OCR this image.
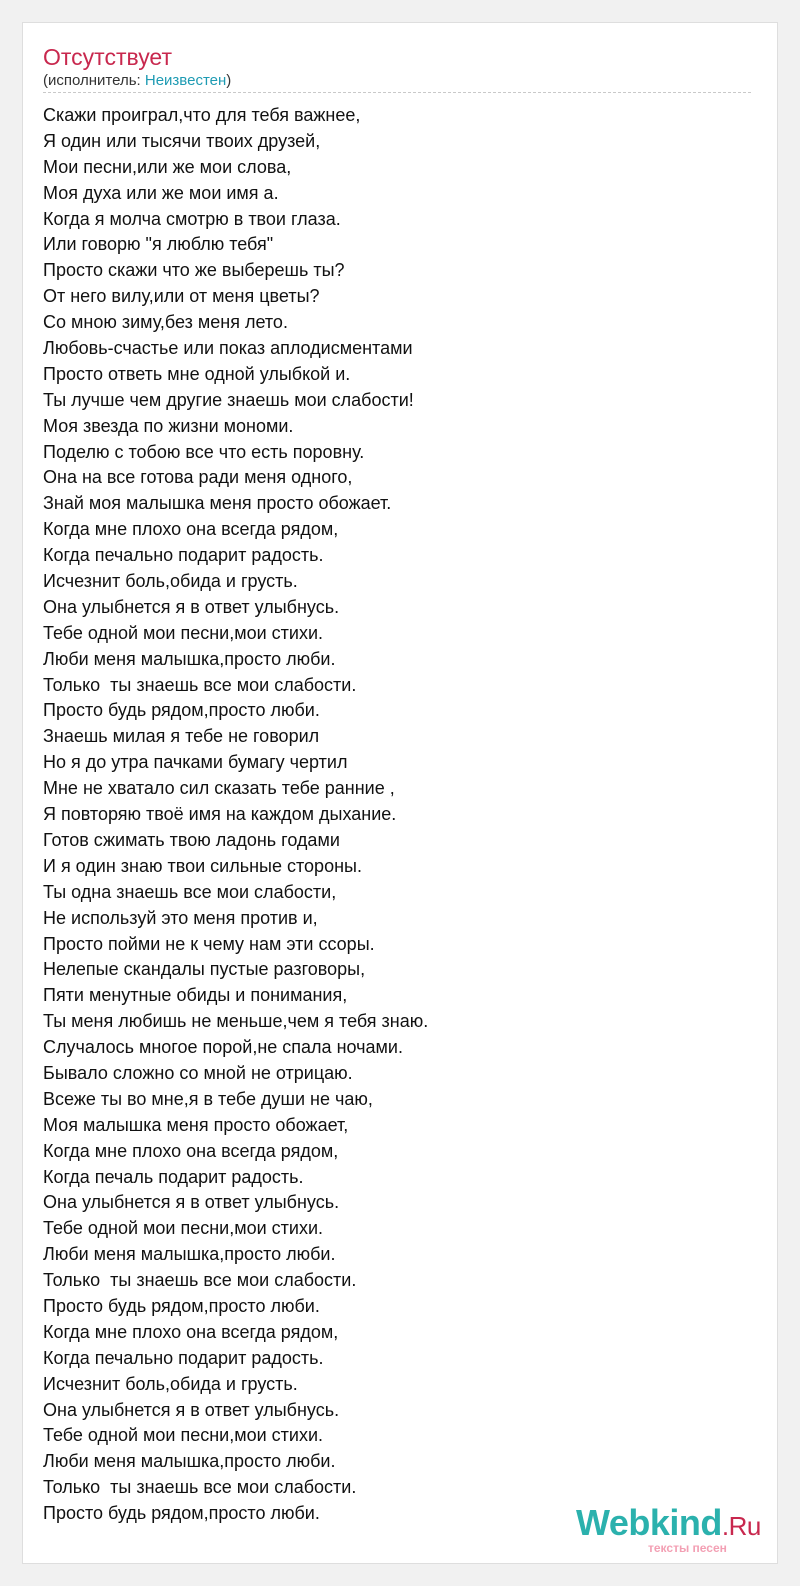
Отсутствует
(исполнитель: Неизвестен)
Скажи проиграл,что для тебя важнее,
Я один или тысячи твоих друзей,
Мои песни,или же мои слова,
Моя духа или же мои имя а.
Когда я молча смотрю в твои глаза.
Или говорю "я люблю тебя"
Просто скажи что же выберешь ты?
От него вилу,или от меня цветы?
Со мною зиму,без меня лето.
Любовь-счастье или показ аплодисментами
Просто ответь мне одной улыбкой и.
Ты лучше чем другие знаешь мои слабости!
Моя звезда по жизни мономи.
Поделю с тобою все что есть поровну.
Она на все готова ради меня одного,
Знай моя малышка меня просто обожает.
Когда мне плохо она всегда рядом,
Когда печально подарит радость.
Исчезнит боль,обида и грусть.
Она улыбнется я в ответ улыбнусь.
Тебе одной мои песни,мои стихи.
Люби меня малышка,просто люби.
Только  ты знаешь все мои слабости.
Просто будь рядом,просто люби.
Знаешь милая я тебе не говорил
Но я до утра пачками бумагу чертил
Мне не хватало сил сказать тебе ранние ,
Я повторяю твоё имя на каждом дыхание.
Готов сжимать твою ладонь годами
И я один знаю твои сильные стороны.
Ты одна знаешь все мои слабости,
Не используй это меня против и,
Просто пойми не к чему нам эти ссоры.
Нелепые скандалы пустые разговоры,
Пяти менутные обиды и понимания,
Ты меня любишь не меньше,чем я тебя знаю.
Случалось многое порой,не спала ночами.
Бывало сложно со мной не отрицаю.
Всеже ты во мне,я в тебе души не чаю,
Моя малышка меня просто обожает,
Когда мне плохо она всегда рядом,
Когда печаль подарит радость.
Она улыбнется я в ответ улыбнусь.
Тебе одной мои песни,мои стихи.
Люби меня малышка,просто люби.
Только  ты знаешь все мои слабости.
Просто будь рядом,просто люби.
Когда мне плохо она всегда рядом,
Когда печально подарит радость.
Исчезнит боль,обида и грусть.
Она улыбнется я в ответ улыбнусь.
Тебе одной мои песни,мои стихи.
Люби меня малышка,просто люби.
Только  ты знаешь все мои слабости.
Просто будь рядом,просто люби.	Webkind.Ru
тексты песен
